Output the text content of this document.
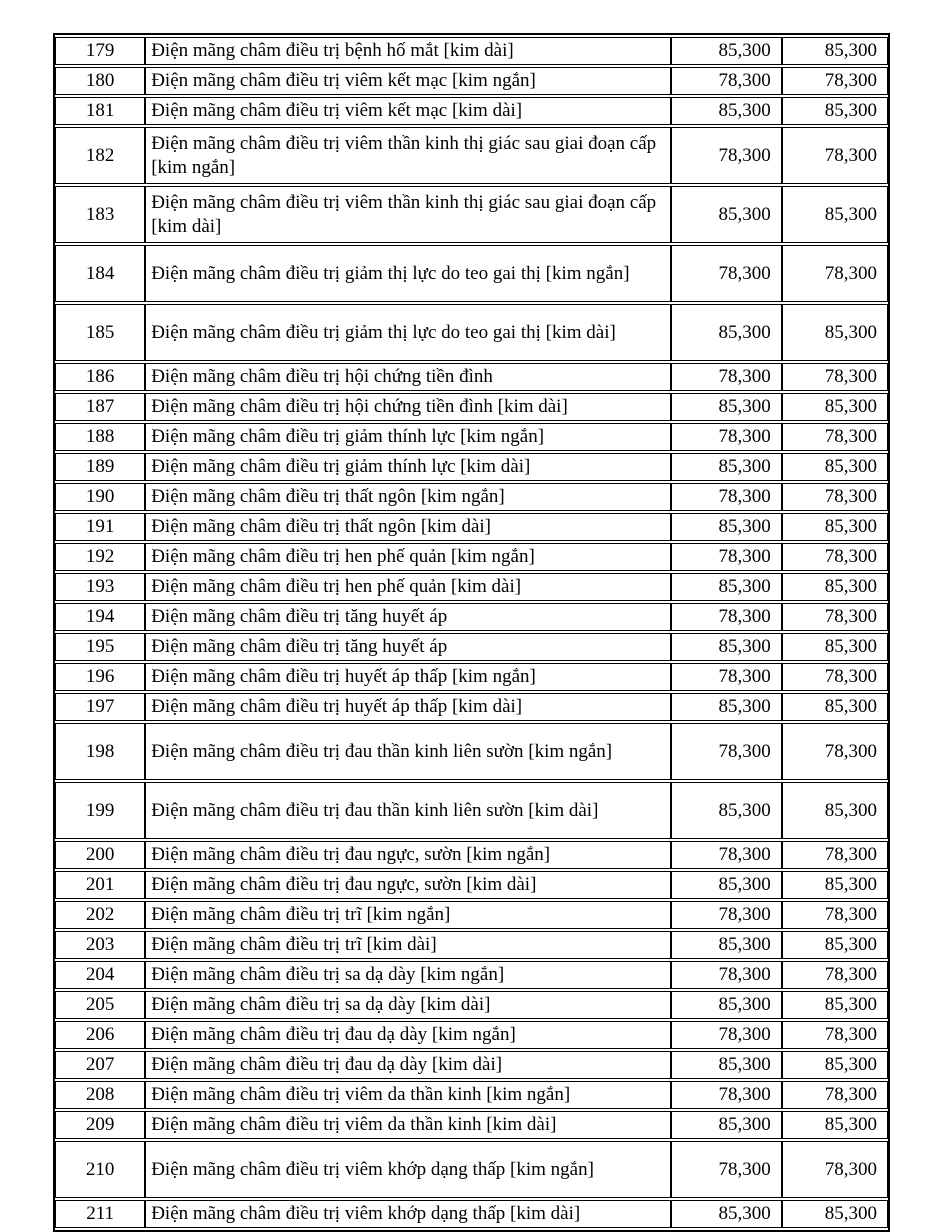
179	Điện mãng châm điều trị bệnh hố mắt [kim dài]	85,300	85,300
180	Điện mãng châm điều trị viêm kết mạc [kim ngắn]	78,300	78,300
181	Điện mãng châm điều trị viêm kết mạc [kim dài]	85,300	85,300
182	Điện mãng châm điều trị viêm thần kinh thị giác sau giai đoạn cấp [kim ngắn]	78,300	78,300
183	Điện mãng châm điều trị viêm thần kinh thị giác sau giai đoạn cấp [kim dài]	85,300	85,300
184	Điện mãng châm điều trị giảm thị lực do teo gai thị [kim ngắn]	78,300	78,300
185	Điện mãng châm điều trị giảm thị lực do teo gai thị [kim dài]	85,300	85,300
186	Điện mãng châm điều trị hội chứng tiền đình	78,300	78,300
187	Điện mãng châm điều trị hội chứng tiền đình [kim dài]	85,300	85,300
188	Điện mãng châm điều trị giảm thính lực [kim ngắn]	78,300	78,300
189	Điện mãng châm điều trị giảm thính lực [kim dài]	85,300	85,300
190	Điện mãng châm điều trị thất ngôn [kim ngắn]	78,300	78,300
191	Điện mãng châm điều trị thất ngôn [kim dài]	85,300	85,300
192	Điện mãng châm điều trị hen phế quản [kim ngắn]	78,300	78,300
193	Điện mãng châm điều trị hen phế quản [kim dài]	85,300	85,300
194	Điện mãng châm điều trị tăng huyết áp	78,300	78,300
195	Điện mãng châm điều trị tăng huyết áp	85,300	85,300
196	Điện mãng châm điều trị huyết áp thấp [kim ngắn]	78,300	78,300
197	Điện mãng châm điều trị huyết áp thấp [kim dài]	85,300	85,300
198	Điện mãng châm điều trị đau thần kinh liên sườn [kim ngắn]	78,300	78,300
199	Điện mãng châm điều trị đau thần kinh liên sườn [kim dài]	85,300	85,300
200	Điện mãng châm điều trị đau ngực, sườn [kim ngắn]	78,300	78,300
201	Điện mãng châm điều trị đau ngực, sườn [kim dài]	85,300	85,300
202	Điện mãng châm điều trị trĩ [kim ngắn]	78,300	78,300
203	Điện mãng châm điều trị trĩ [kim dài]	85,300	85,300
204	Điện mãng châm điều trị sa dạ dày [kim ngắn]	78,300	78,300
205	Điện mãng châm điều trị sa dạ dày [kim dài]	85,300	85,300
206	Điện mãng châm điều trị đau dạ dày [kim ngắn]	78,300	78,300
207	Điện mãng châm điều trị đau dạ dày [kim dài]	85,300	85,300
208	Điện mãng châm điều trị viêm da thần kinh [kim ngắn]	78,300	78,300
209	Điện mãng châm điều trị viêm da thần kinh [kim dài]	85,300	85,300
210	Điện mãng châm điều trị viêm khớp dạng thấp [kim ngắn]	78,300	78,300
211	Điện mãng châm điều trị viêm khớp dạng thấp [kim dài]	85,300	85,300
